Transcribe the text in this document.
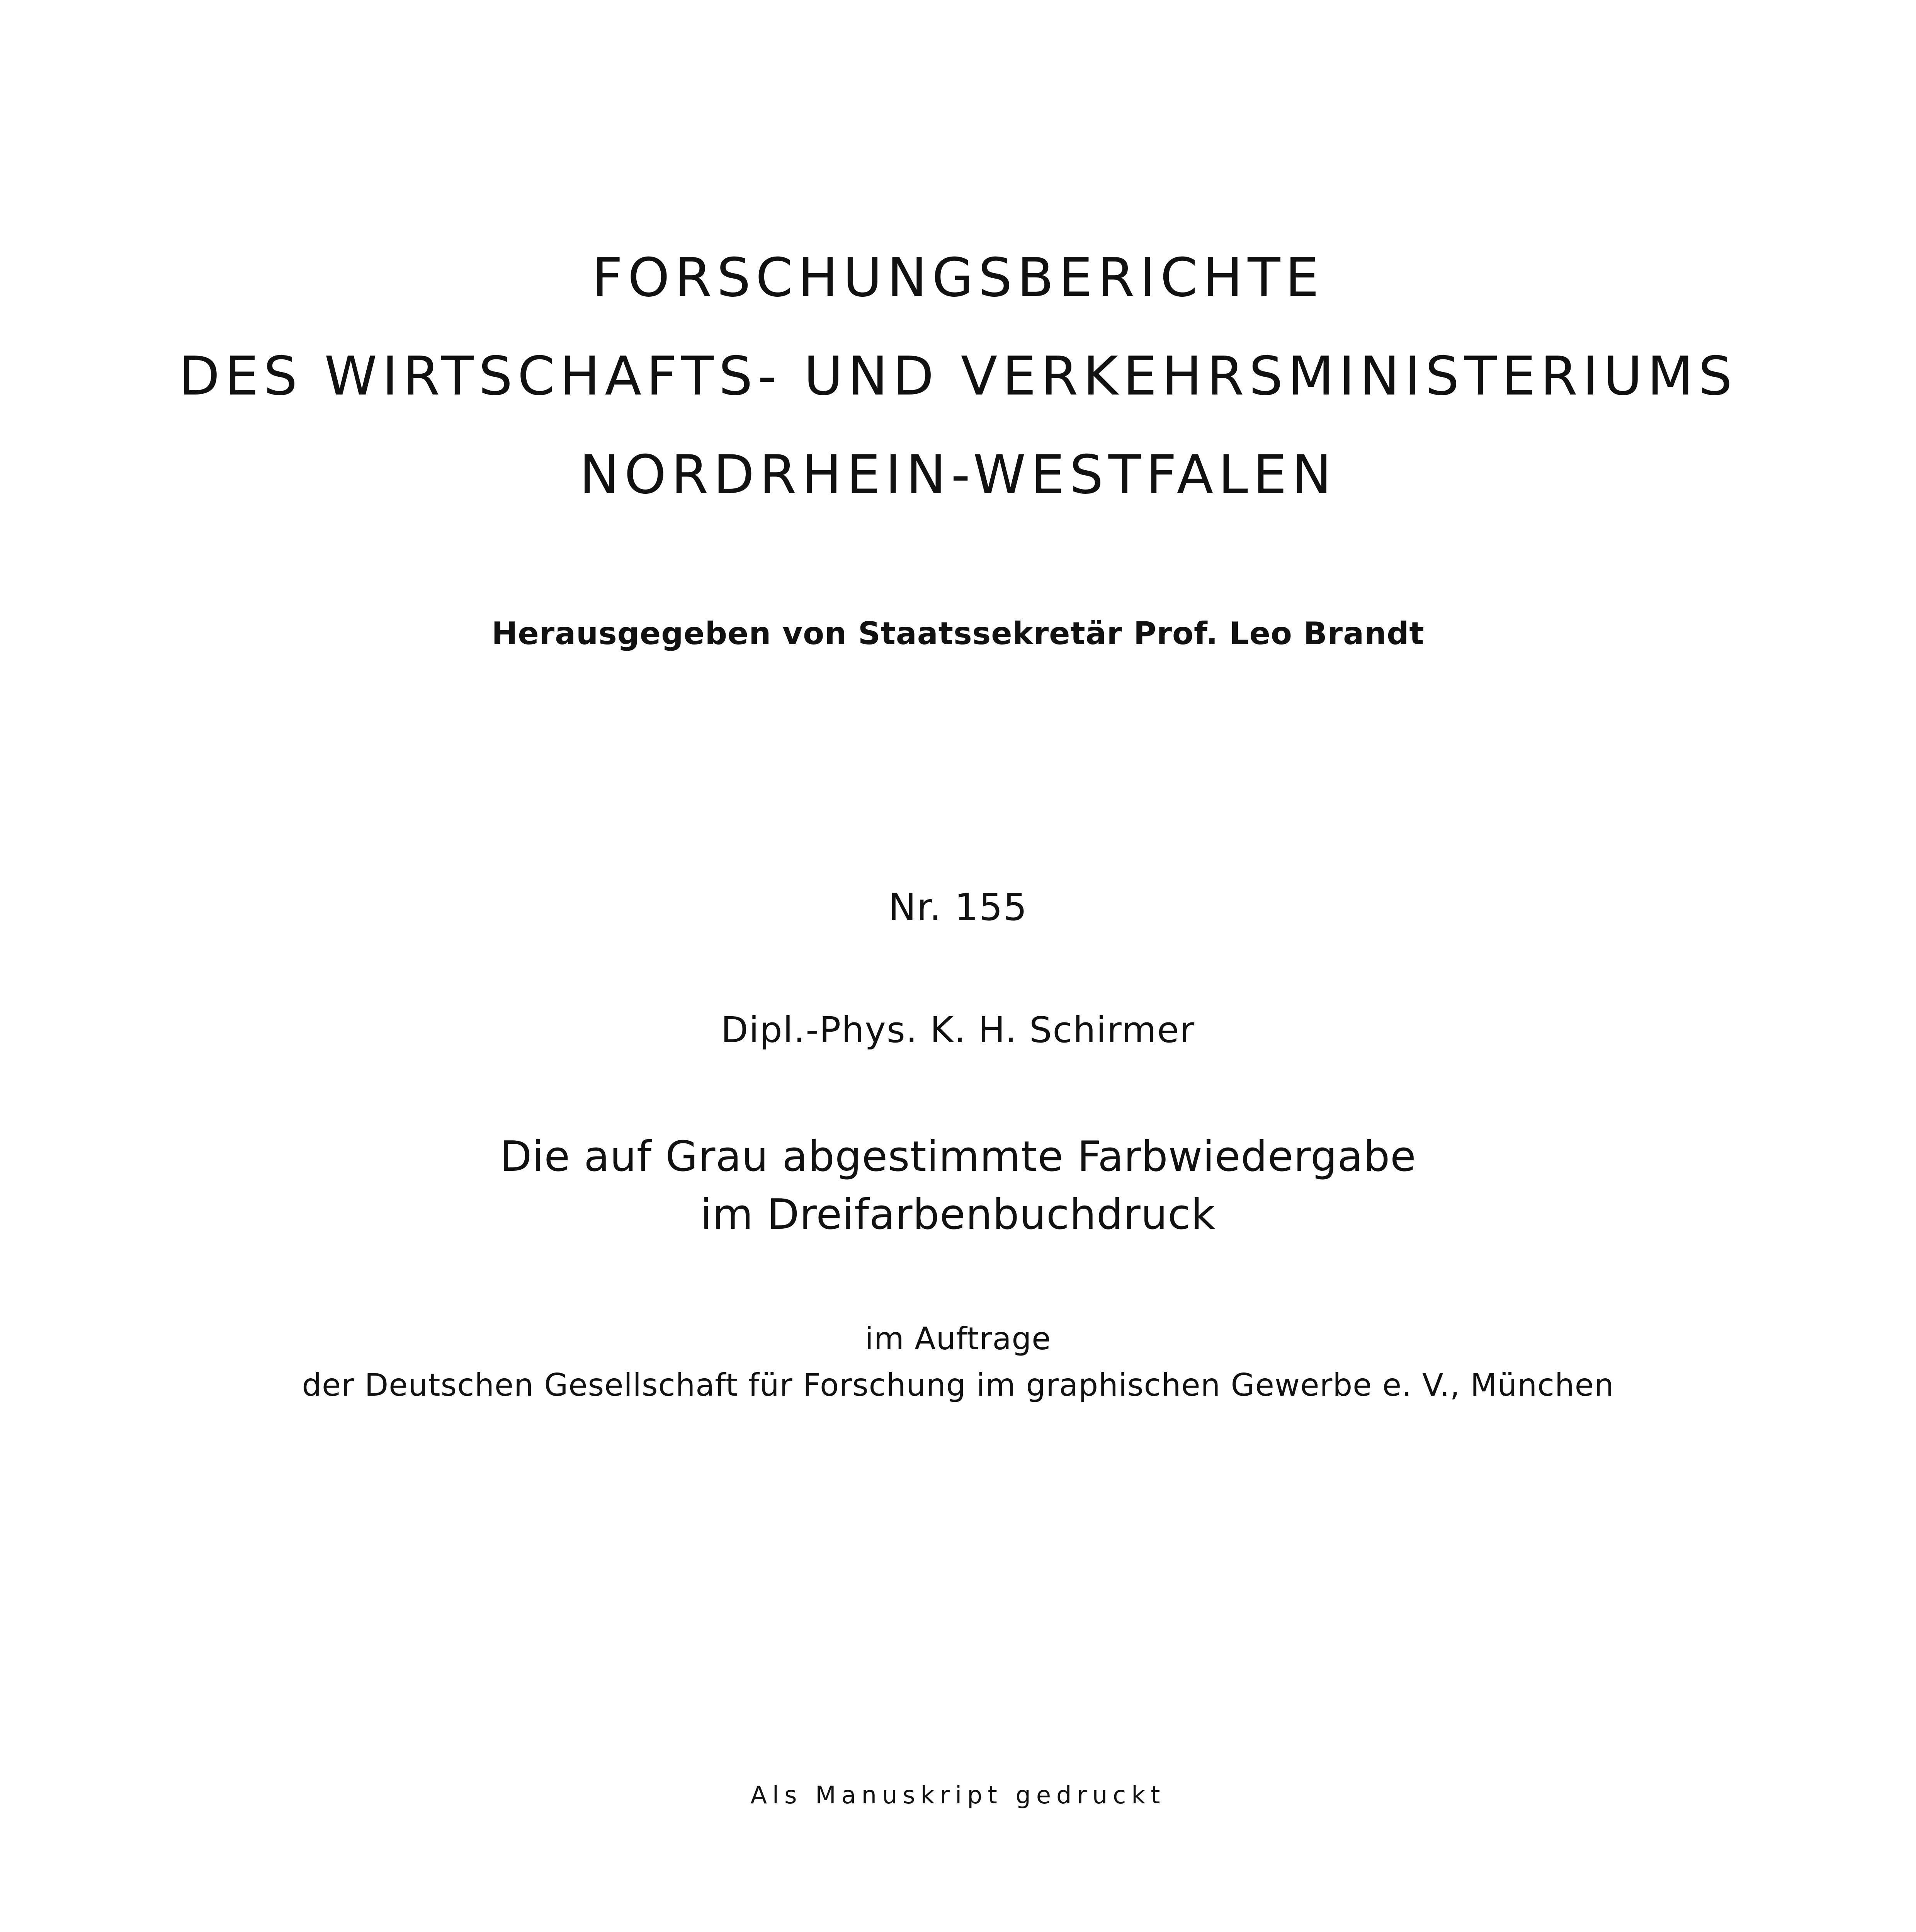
FORSCHUNGSBERICHTE
DES WIRTSCHAFTS- UND VERKEHRSMINISTERIUMS
NORDRHEIN-WESTFALEN
Herausgegeben von Staatssekretär Prof. Leo Brandt
Nr. 155
Dipl.-Phys. K. H. Schirmer
Die auf Grau abgestimmte Farbwiedergabe
im Dreifarbenbuchdruck
im Auftrage
der Deutschen Gesellschaft für Forschung im graphischen Gewerbe e. V., München
Als Manuskript gedruckt
